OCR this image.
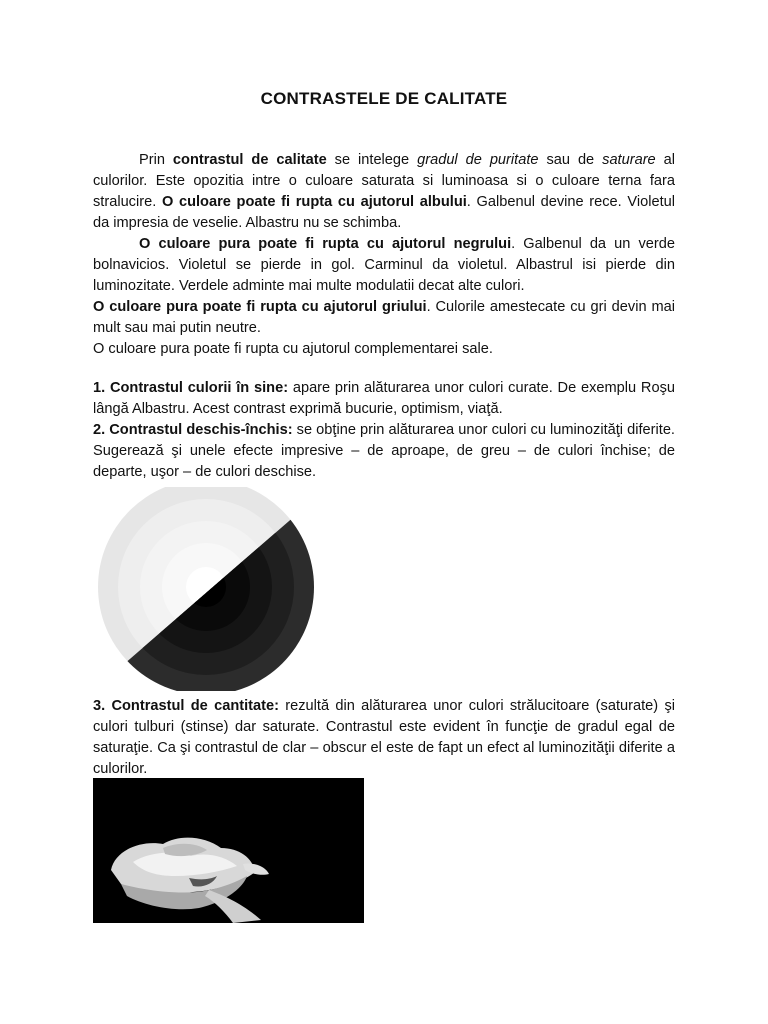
CONTRASTELE DE CALITATE
Prin contrastul de calitate se intelege gradul de puritate sau de saturare al culorilor. Este opozitia intre o culoare saturata si luminoasa si o culoare terna fara stralucire. O culoare poate fi rupta cu ajutorul albului. Galbenul devine rece. Violetul da impresia de veselie. Albastru nu se schimba.
O culoare pura poate fi rupta cu ajutorul negrului. Galbenul da un verde bolnavicios. Violetul se pierde in gol. Carminul da violetul. Albastrul isi pierde din luminozitate. Verdele adminte mai multe modulatii decat alte culori.
O culoare pura poate fi rupta cu ajutorul griului. Culorile amestecate cu gri devin mai mult sau mai putin neutre.
O culoare pura poate fi rupta cu ajutorul complementarei sale.
1. Contrastul culorii în sine: apare prin alăturarea unor culori curate. De exemplu Roşu lângă Albastru. Acest contrast exprimă bucurie, optimism, viaţă.
2. Contrastul deschis-închis: se obţine prin alăturarea unor culori cu luminozităţi diferite. Sugerează şi unele efecte impresive – de aproape, de greu – de culori închise; de departe, uşor – de culori deschise.
3. Contrastul de cantitate: rezultă din alăturarea unor culori strălucitoare (saturate) şi culori tulburi (stinse) dar saturate. Contrastul este evident în funcţie de gradul egal de saturaţie. Ca şi contrastul de clar – obscur el este de fapt un efect al luminozităţii diferite a culorilor.
